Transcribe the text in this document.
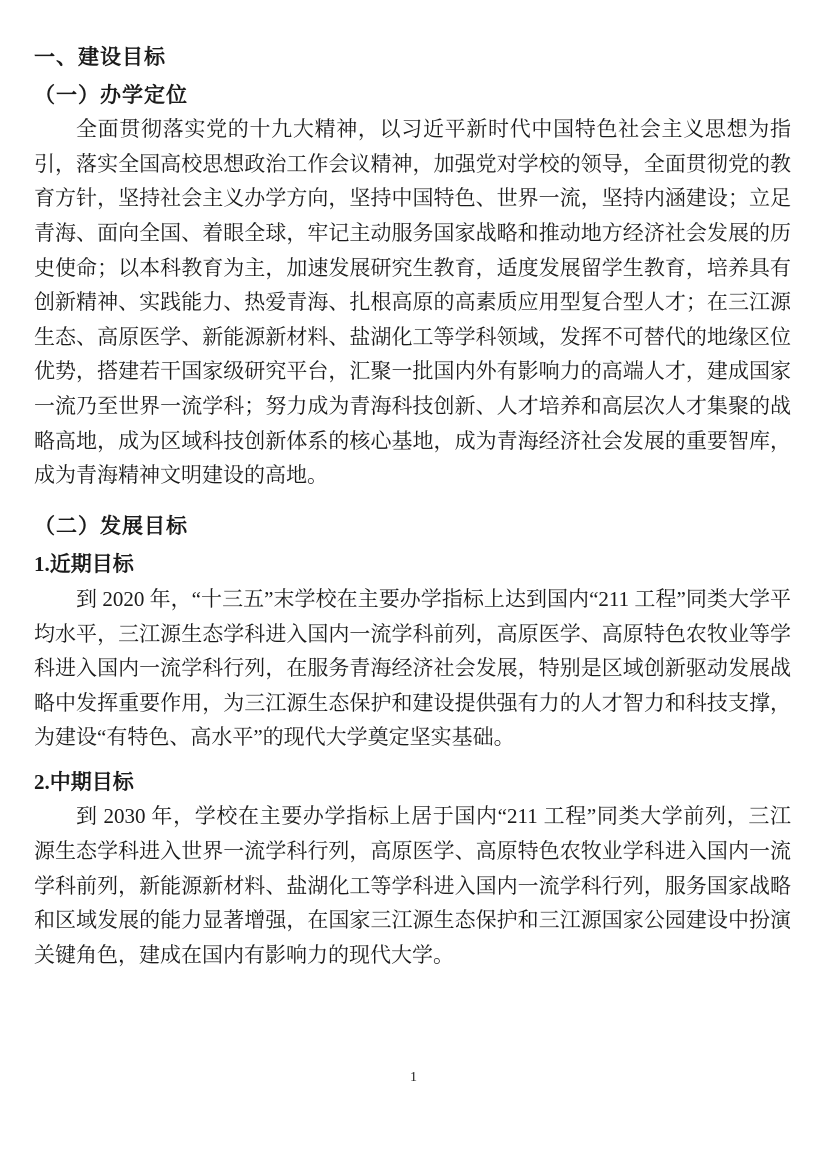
一、建设目标
（一）办学定位

全面贯彻落实党的十九大精神，以习近平新时代中国特色社会主义思想为指引，落实全国高校思想政治工作会议精神，加强党对学校的领导，全面贯彻党的教育方针，坚持社会主义办学方向，坚持中国特色、世界一流，坚持内涵建设；立足青海、面向全国、着眼全球，牢记主动服务国家战略和推动地方经济社会发展的历史使命；以本科教育为主，加速发展研究生教育，适度发展留学生教育，培养具有创新精神、实践能力、热爱青海、扎根高原的高素质应用型复合型人才；在三江源生态、高原医学、新能源新材料、盐湖化工等学科领域，发挥不可替代的地缘区位优势，搭建若干国家级研究平台，汇聚一批国内外有影响力的高端人才，建成国家一流乃至世界一流学科；努力成为青海科技创新、人才培养和高层次人才集聚的战略高地，成为区域科技创新体系的核心基地，成为青海经济社会发展的重要智库，成为青海精神文明建设的高地。

（二）发展目标
1.近期目标

到 2020 年，“十三五”末学校在主要办学指标上达到国内“211 工程”同类大学平均水平，三江源生态学科进入国内一流学科前列，高原医学、高原特色农牧业等学科进入国内一流学科行列，在服务青海经济社会发展，特别是区域创新驱动发展战略中发挥重要作用，为三江源生态保护和建设提供强有力的人才智力和科技支撑，为建设“有特色、高水平”的现代大学奠定坚实基础。

2.中期目标

到 2030 年，学校在主要办学指标上居于国内“211 工程”同类大学前列，三江源生态学科进入世界一流学科行列，高原医学、高原特色农牧业学科进入国内一流学科前列，新能源新材料、盐湖化工等学科进入国内一流学科行列，服务国家战略和区域发展的能力显著增强，在国家三江源生态保护和三江源国家公园建设中扮演关键角色，建成在国内有影响力的现代大学。

1
